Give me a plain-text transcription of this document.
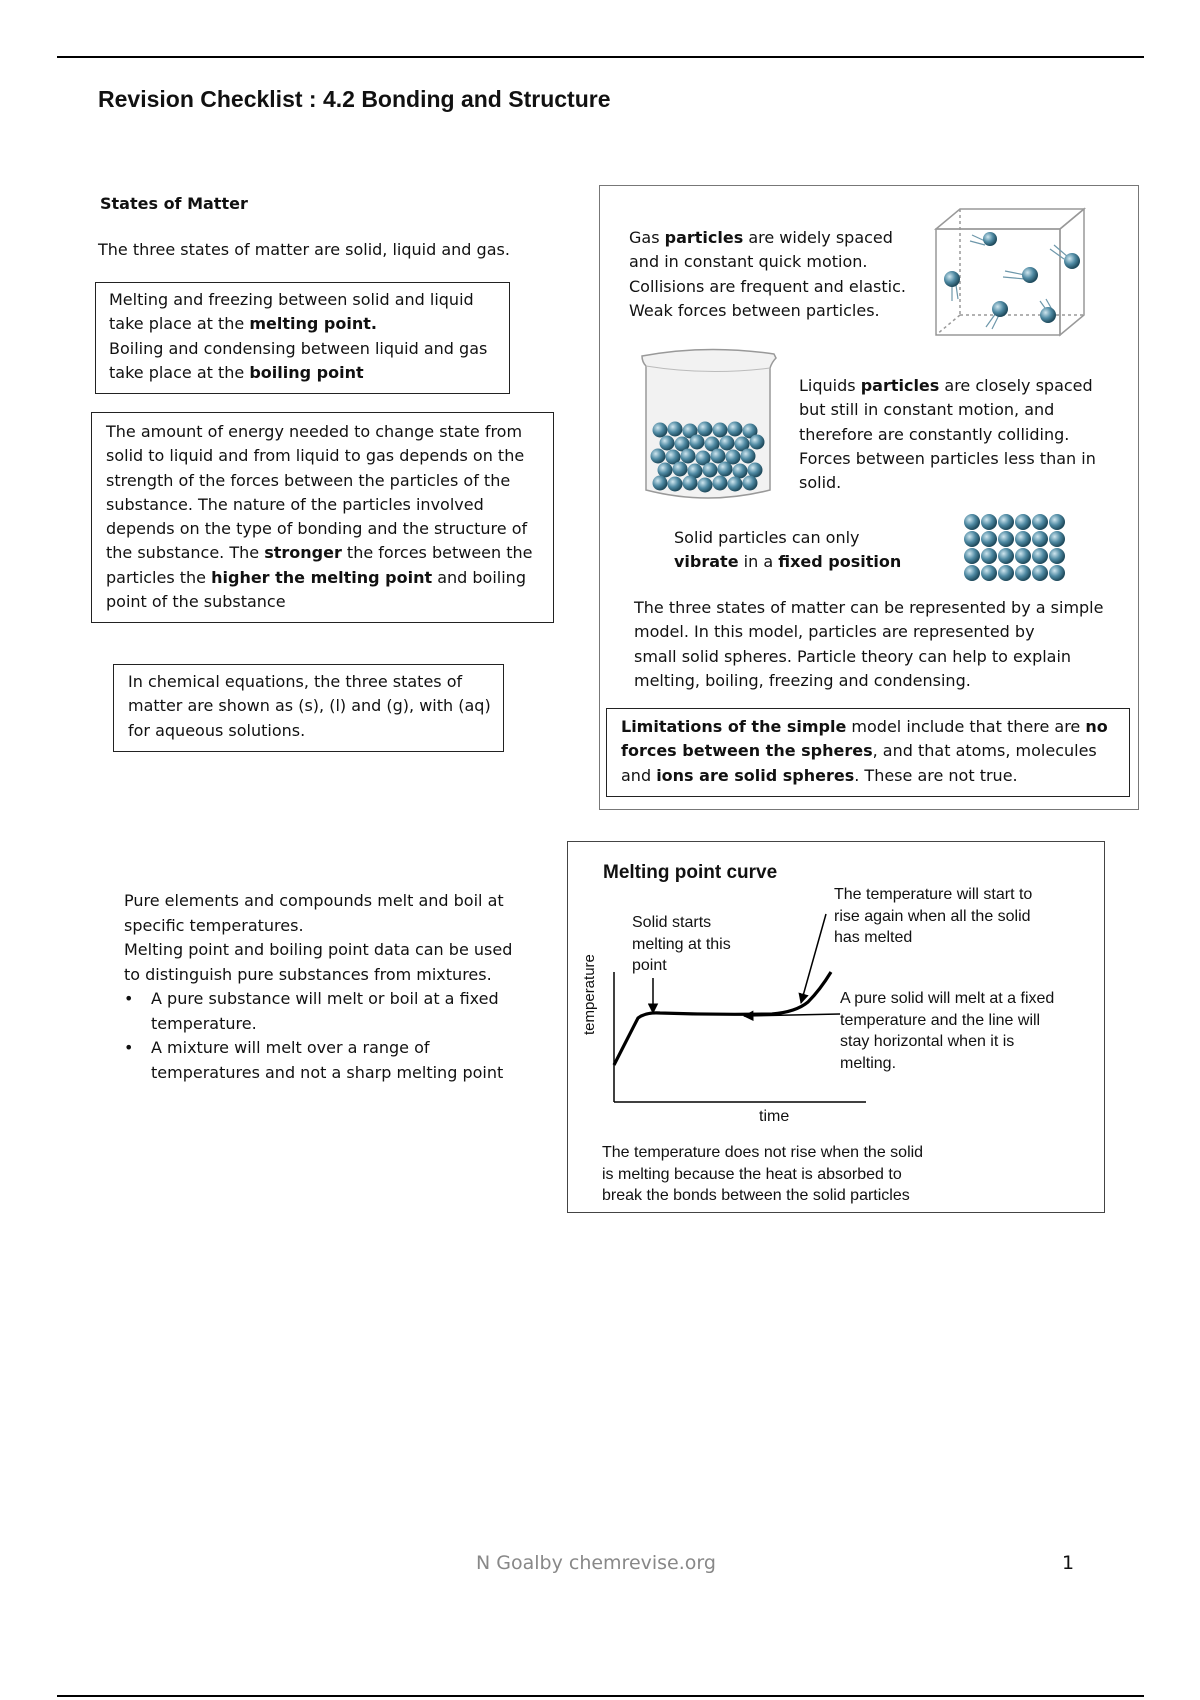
Revision Checklist : 4.2 Bonding and Structure
States of Matter
The three states of matter are solid, liquid and gas.
Melting and freezing between solid and liquid
take place at the melting point.
Boiling and condensing between liquid and gas
take place at the boiling point
The amount of energy needed to change state from solid to liquid and from liquid to gas depends on the strength of the forces between the particles of the substance. The nature of the particles involved depends on the type of bonding and the structure of the substance. The stronger the forces between the particles the higher the melting point and boiling point of the substance
In chemical equations, the three states of matter are shown as (s), (l) and (g), with (aq) for aqueous solutions.
Gas particles are widely spaced
and in constant quick motion.
Collisions are frequent and elastic.
Weak forces between particles.
Liquids particles are closely spaced
but still in constant motion, and
therefore are constantly colliding.
Forces between particles less than in
solid.
Solid particles can only
vibrate in a fixed position
The three states of matter can be represented by a simple
model. In this model, particles are represented by
small solid spheres. Particle theory can help to explain
melting, boiling, freezing and condensing.
Limitations of the simple model include that there are no forces between the spheres, and that atoms, molecules and ions are solid spheres. These are not true.
Pure elements and compounds melt and boil at
specific temperatures.
Melting point and boiling point data can be used
to distinguish pure substances from mixtures.
• A pure substance will melt or boil at a fixed
temperature.
• A mixture will melt over a range of
temperatures and not a sharp melting point
Melting point curve
Solid starts
melting at this
point
The temperature will start to
rise again when all the solid
has melted
A pure solid will melt at a fixed
temperature and the line will
stay horizontal when it is
melting.
temperature
time
The temperature does not rise when the solid
is melting because the heat is absorbed to
break the bonds between the solid particles
N Goalby chemrevise.org	1
